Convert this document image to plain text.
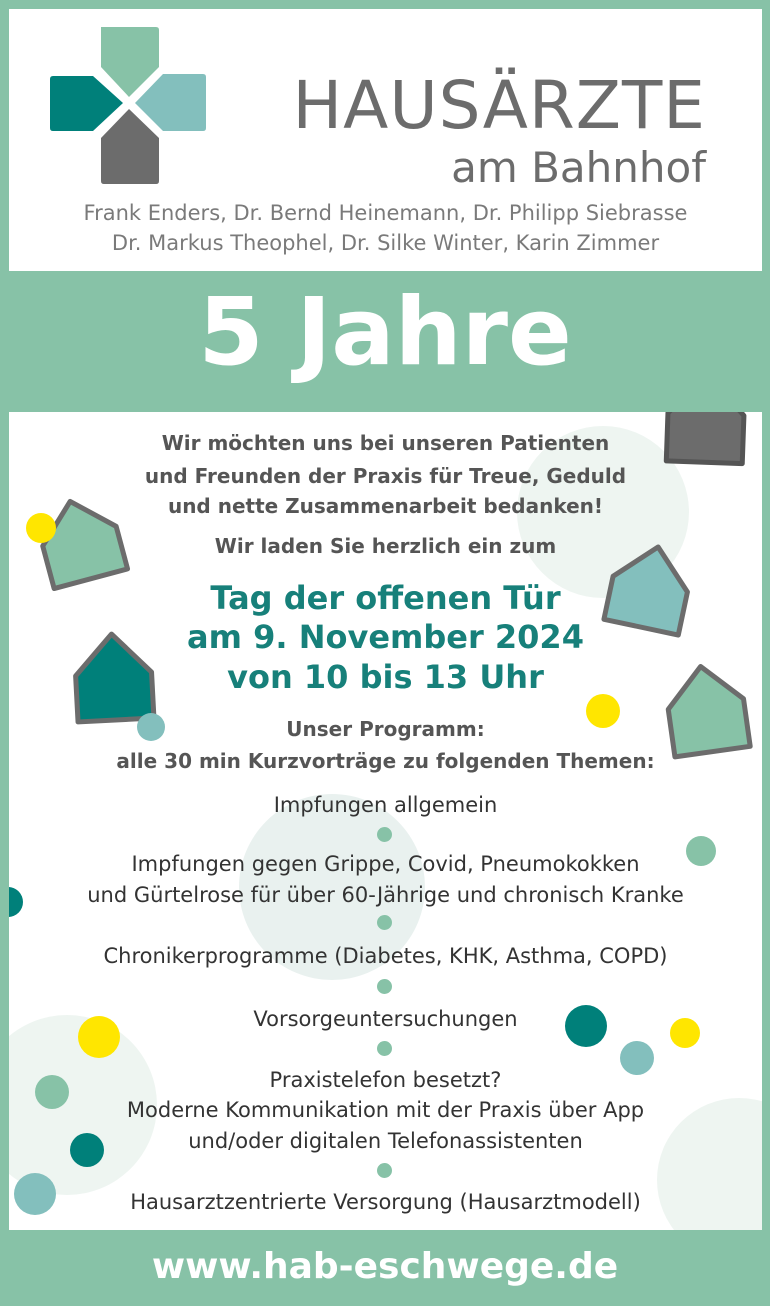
HAUSÄRZTE
am Bahnhof
Frank Enders, Dr. Bernd Heinemann, Dr. Philipp Siebrasse
Dr. Markus Theophel, Dr. Silke Winter, Karin Zimmer
5 Jahre
Wir möchten uns bei unseren Patienten
und Freunden der Praxis für Treue, Geduld
und nette Zusammenarbeit bedanken!
Wir laden Sie herzlich ein zum
Tag der offenen Tür
am 9. November 2024
von 10 bis 13 Uhr
Unser Programm:
alle 30 min Kurzvorträge zu folgenden Themen:
Impfungen allgemein
Impfungen gegen Grippe, Covid, Pneumokokken
und Gürtelrose für über 60-Jährige und chronisch Kranke
Chronikerprogramme (Diabetes, KHK, Asthma, COPD)
Vorsorgeuntersuchungen
Praxistelefon besetzt?
Moderne Kommunikation mit der Praxis über App
und/oder digitalen Telefonassistenten
Hausarztzentrierte Versorgung (Hausarztmodell)
www.hab-eschwege.de
